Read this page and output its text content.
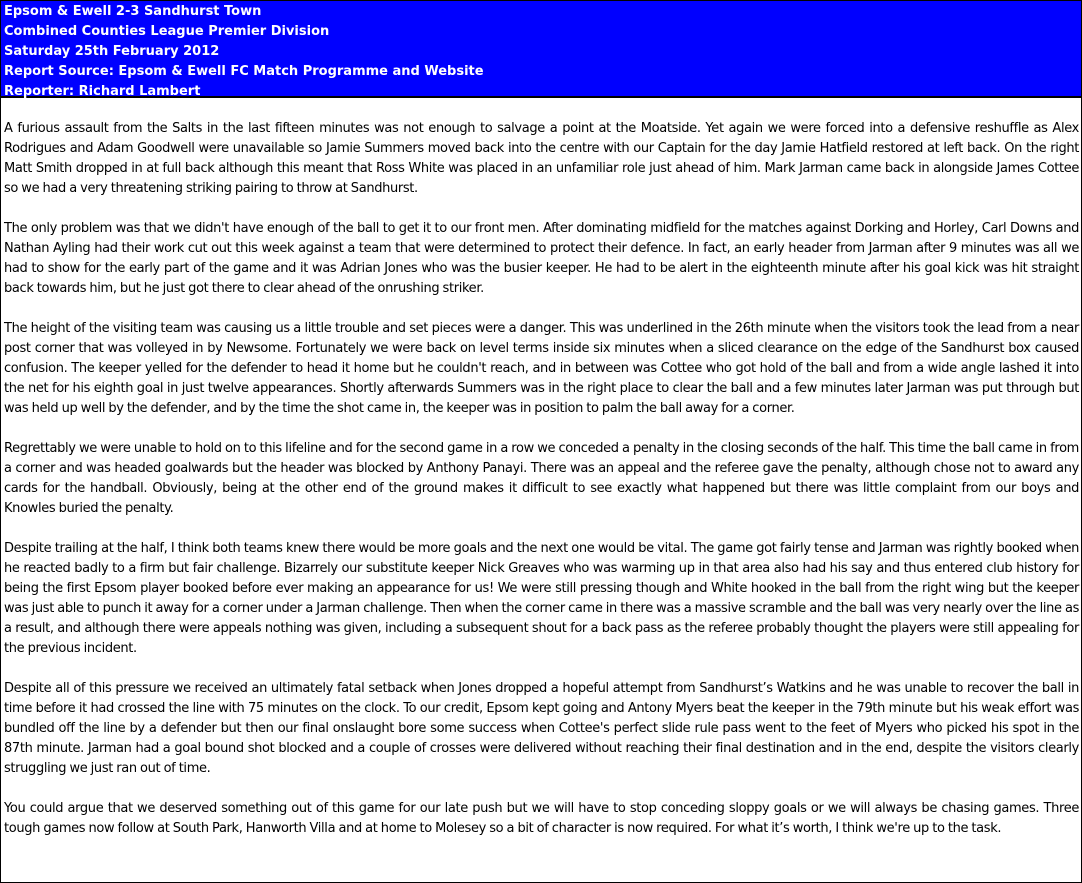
Epsom & Ewell 2-3 Sandhurst Town
Combined Counties League Premier Division
Saturday 25th February 2012
Report Source: Epsom & Ewell FC Match Programme and Website
Reporter: Richard Lambert

A furious assault from the Salts in the last fifteen minutes was not enough to salvage a point at the Moatside. Yet again we were forced into a defensive reshuffle as Alex Rodrigues and Adam Goodwell were unavailable so Jamie Summers moved back into the centre with our Captain for the day Jamie Hatfield restored at left back. On the right Matt Smith dropped in at full back although this meant that Ross White was placed in an unfamiliar role just ahead of him. Mark Jarman came back in alongside James Cottee so we had a very threatening striking pairing to throw at Sandhurst.

The only problem was that we didn't have enough of the ball to get it to our front men. After dominating midfield for the matches against Dorking and Horley, Carl Downs and Nathan Ayling had their work cut out this week against a team that were determined to protect their defence. In fact, an early header from Jarman after 9 minutes was all we had to show for the early part of the game and it was Adrian Jones who was the busier keeper. He had to be alert in the eighteenth minute after his goal kick was hit straight back towards him, but he just got there to clear ahead of the onrushing striker.

The height of the visiting team was causing us a little trouble and set pieces were a danger. This was underlined in the 26th minute when the visitors took the lead from a near post corner that was volleyed in by Newsome. Fortunately we were back on level terms inside six minutes when a sliced clearance on the edge of the Sandhurst box caused confusion. The keeper yelled for the defender to head it home but he couldn't reach, and in between was Cottee who got hold of the ball and from a wide angle lashed it into the net for his eighth goal in just twelve appearances. Shortly afterwards Summers was in the right place to clear the ball and a few minutes later Jarman was put through but was held up well by the defender, and by the time the shot came in, the keeper was in position to palm the ball away for a corner.

Regrettably we were unable to hold on to this lifeline and for the second game in a row we conceded a penalty in the closing seconds of the half. This time the ball came in from a corner and was headed goalwards but the header was blocked by Anthony Panayi. There was an appeal and the referee gave the penalty, although chose not to award any cards for the handball. Obviously, being at the other end of the ground makes it difficult to see exactly what happened but there was little complaint from our boys and Knowles buried the penalty.

Despite trailing at the half, I think both teams knew there would be more goals and the next one would be vital. The game got fairly tense and Jarman was rightly booked when he reacted badly to a firm but fair challenge. Bizarrely our substitute keeper Nick Greaves who was warming up in that area also had his say and thus entered club history for being the first Epsom player booked before ever making an appearance for us! We were still pressing though and White hooked in the ball from the right wing but the keeper was just able to punch it away for a corner under a Jarman challenge. Then when the corner came in there was a massive scramble and the ball was very nearly over the line as a result, and although there were appeals nothing was given, including a subsequent shout for a back pass as the referee probably thought the players were still appealing for the previous incident.

Despite all of this pressure we received an ultimately fatal setback when Jones dropped a hopeful attempt from Sandhurst’s Watkins and he was unable to recover the ball in time before it had crossed the line with 75 minutes on the clock. To our credit, Epsom kept going and Antony Myers beat the keeper in the 79th minute but his weak effort was bundled off the line by a defender but then our final onslaught bore some success when Cottee's perfect slide rule pass went to the feet of Myers who picked his spot in the 87th minute. Jarman had a goal bound shot blocked and a couple of crosses were delivered without reaching their final destination and in the end, despite the visitors clearly struggling we just ran out of time.

You could argue that we deserved something out of this game for our late push but we will have to stop conceding sloppy goals or we will always be chasing games. Three tough games now follow at South Park, Hanworth Villa and at home to Molesey so a bit of character is now required. For what it’s worth, I think we're up to the task.
